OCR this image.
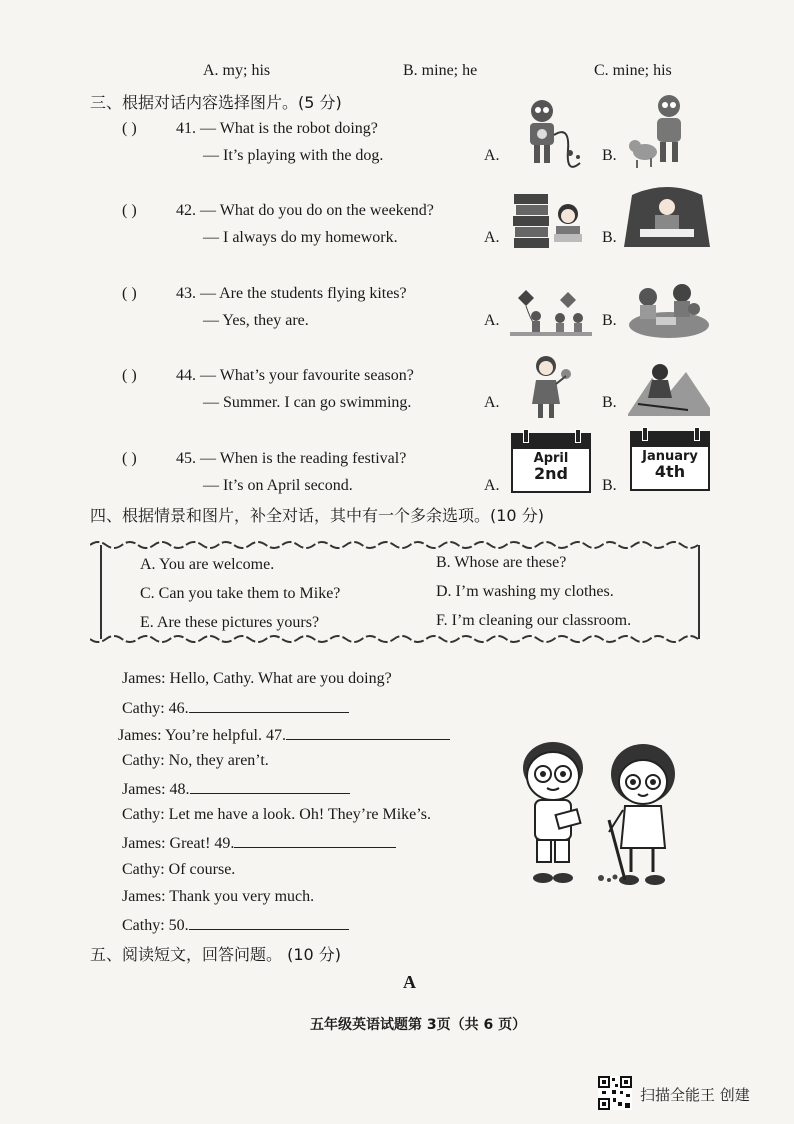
A. my; his	B. mine; he	C. mine; his
三、根据对话内容选择图片。(5 分)
( ) 41. — What is the robot doing?
— It’s playing with the dog.	A.	B.
( ) 42. — What do you do on the weekend?
— I always do my homework.	A.	B.
( ) 43. — Are the students flying kites?
— Yes, they are.	A.	B.
( ) 44. — What’s your favourite season?
— Summer. I can go swimming.	A.	B.
( ) 45. — When is the reading festival?
— It’s on April second.	A.	B.
April
2nd
January
4th
四、根据情景和图片，补全对话，其中有一个多余选项。(10 分)
A. You are welcome.	B. Whose are these?
C. Can you take them to Mike?	D. I’m washing my clothes.
E. Are these pictures yours?	F. I’m cleaning our classroom.
James: Hello, Cathy. What are you doing?
Cathy: 46.
James: You’re helpful. 47.
Cathy: No, they aren’t.
James: 48.
Cathy: Let me have a look. Oh! They’re Mike’s.
James: Great! 49.
Cathy: Of course.
James: Thank you very much.
Cathy: 50.
五、阅读短文，回答问题。 (10 分)
A
五年级英语试题第 3页（共 6 页）
扫描全能王 创建
